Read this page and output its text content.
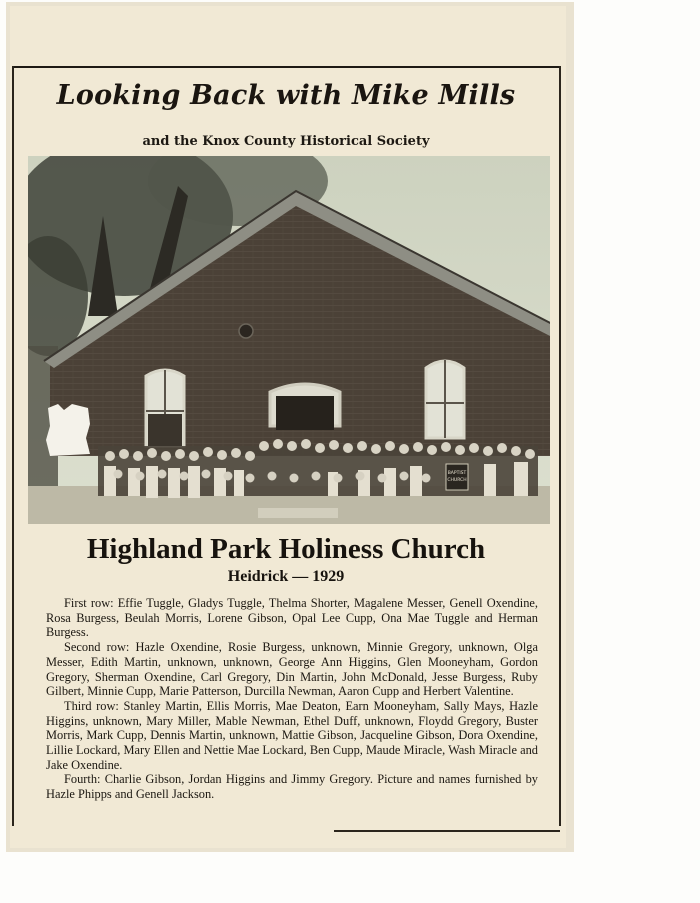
Looking Back with Mike Mills
and the Knox County Historical Society
BAPTIST
CHURCH
Highland Park Holiness Church
Heidrick — 1929

First row: Effie Tuggle, Gladys Tuggle, Thelma Shorter, Magalene Messer, Genell Oxendine, Rosa Burgess, Beulah Morris, Lorene Gibson, Opal Lee Cupp, Ona Mae Tuggle and Herman Burgess.

Second row: Hazle Oxendine, Rosie Burgess, unknown, Minnie Gregory, unknown, Olga Messer, Edith Martin, unknown, unknown, George Ann Higgins, Glen Mooneyham, Gordon Gregory, Sherman Oxendine, Carl Gregory, Din Martin, John McDonald, Jesse Burgess, Ruby Gilbert, Minnie Cupp, Marie Patterson, Durcilla Newman, Aaron Cupp and Herbert Valentine.

Third row: Stanley Martin, Ellis Morris, Mae Deaton, Earn Mooneyham, Sally Mays, Hazle Higgins, unknown, Mary Miller, Mable Newman, Ethel Duff, unknown, Floydd Gregory, Buster Morris, Mark Cupp, Dennis Martin, unknown, Mattie Gibson, Jacqueline Gibson, Dora Oxendine, Lillie Lockard, Mary Ellen and Nettie Mae Lockard, Ben Cupp, Maude Miracle, Wash Miracle and Jake Oxendine.

Fourth: Charlie Gibson, Jordan Higgins and Jimmy Gregory. Picture and names furnished by Hazle Phipps and Genell Jackson.
